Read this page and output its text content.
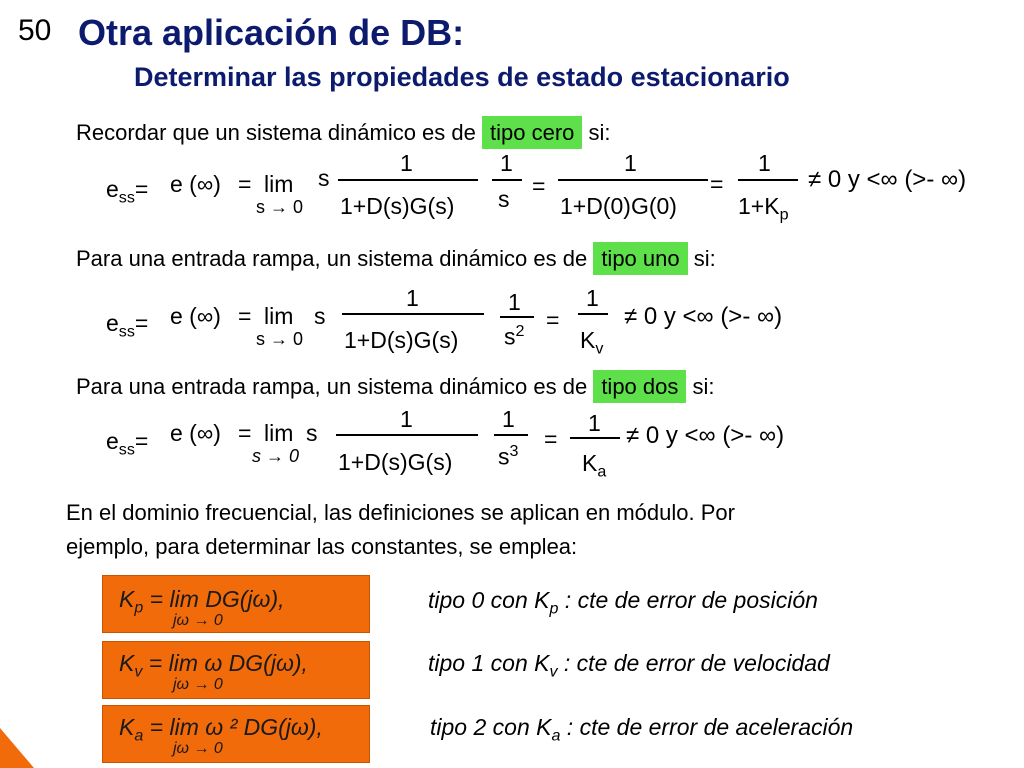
50 Otra aplicación de DB:
Determinar las propiedades de estado estacionario
Recordar que un sistema dinámico es de tipo cero si:
$e_{ss}= e$ (∞) = lim
s → 0
s
1
1+D(s)G(s)
1
s =
1
1+D(0)G(0)
=
1
$1+K_p$
≠ 0 y <∞ (>- ∞)
Para una entrada rampa, un sistema dinámico es de tipo uno si:
$e_{ss}= e$ (∞) = lim s
s → 0
1
1+D(s)G(s)
1
$s^2$ =
1
$K_v$
≠ 0 y <∞ (>- ∞)
Para una entrada rampa, un sistema dinámico es de tipo dos si:
$e_{ss}= e$ (∞) = lim s
s → 0
1
1+D(s)G(s)
1
$s^3$ =
1
$K_a$
≠ 0 y <∞ (>- ∞)
En el dominio frecuencial, las definiciones se aplican en módulo. Por
ejemplo, para determinar las constantes, se emplea:
$K_p = \lim DG(j\omega)$,
jω → 0
tipo 0 con $K_p$ : cte de error de posición
$K_v = \lim \omega$ DG(jω),
jω → 0
tipo 1 con $K_v$ : cte de error de velocidad
$K_a = \lim \omega$ ² DG(jω),
jω → 0
tipo 2 con $K_a$ : cte de error de aceleración
